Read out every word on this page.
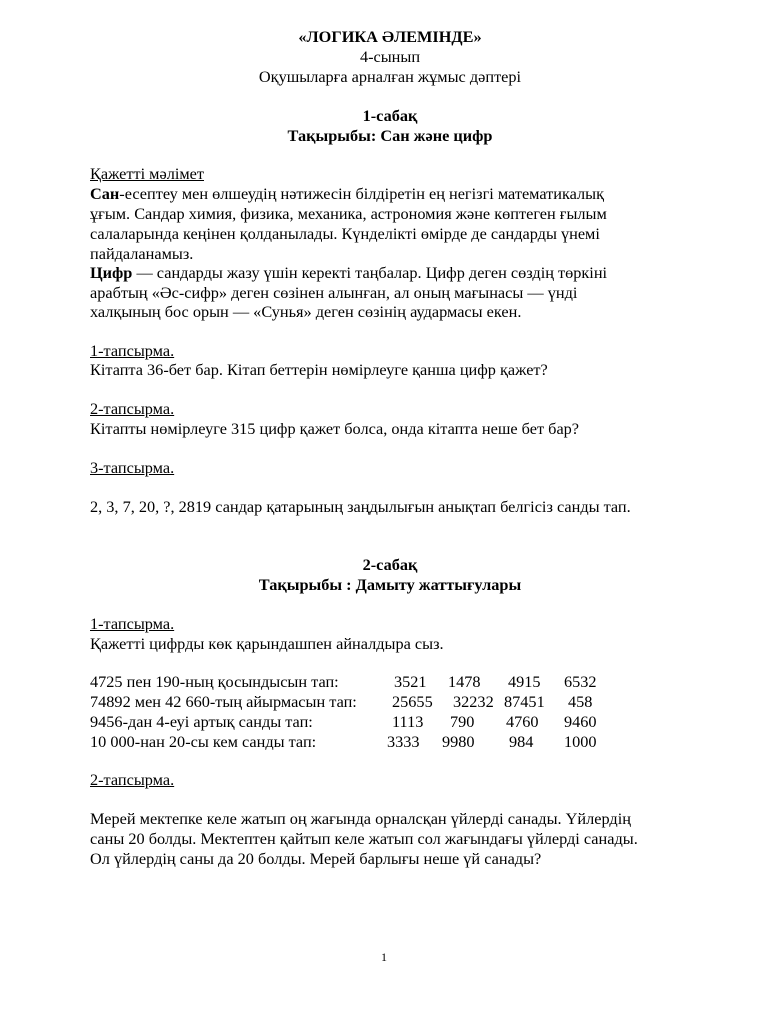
«ЛОГИКА ӘЛЕМІНДЕ»
4-сынып
Оқушыларға арналған жұмыс дәптері
1-сабақ
Тақырыбы: Сан және цифр
Қажетті мәлімет
Сан-есептеу мен өлшеудің нәтижесін білдіретін ең негізгі математикалық
ұғым. Сандар химия, физика, механика, астрономия және көптеген ғылым
салаларында кеңінен қолданылады. Күнделікті өмірде де сандарды үнемі
пайдаланамыз.
Цифр — сандарды жазу үшін керекті таңбалар. Цифр деген сөздің төркіні
арабтың «Әс-сифр» деген сөзінен алынған, ал оның мағынасы — үнді
халқының бос орын — «Сунья» деген сөзінің аудармасы екен.
1-тапсырма.
Кітапта 36-бет бар. Кітап беттерін нөмірлеуге қанша цифр қажет?
2-тапсырма.
Кітапты нөмірлеуге 315 цифр қажет болса, онда кітапта неше бет бар?
3-тапсырма.
2, 3, 7, 20, ?, 2819 сандар қатарының заңдылығын анықтап белгісіз санды тап.
2-сабақ
Тақырыбы : Дамыту жаттығулары
1-тапсырма.
Қажетті цифрды көк қарындашпен айналдыра сыз.
4725 пен 190-ның қосындысын тап:	3521 1478 4915 6532
74892 мен 42 660-тың айырмасын тап: 25655 32232 87451 458
9456-дан 4-еуі артық санды тап:	1113 790 4760 9460
10 000-нан 20-сы кем санды тап:	3333 9980 984 1000
2-тапсырма.
Мерей мектепке келе жатып оң жағында орналсқан үйлерді санады. Үйлердің
саны 20 болды. Мектептен қайтып келе жатып сол жағындағы үйлерді санады.
Ол үйлердің саны да 20 болды. Мерей барлығы неше үй санады?
1
